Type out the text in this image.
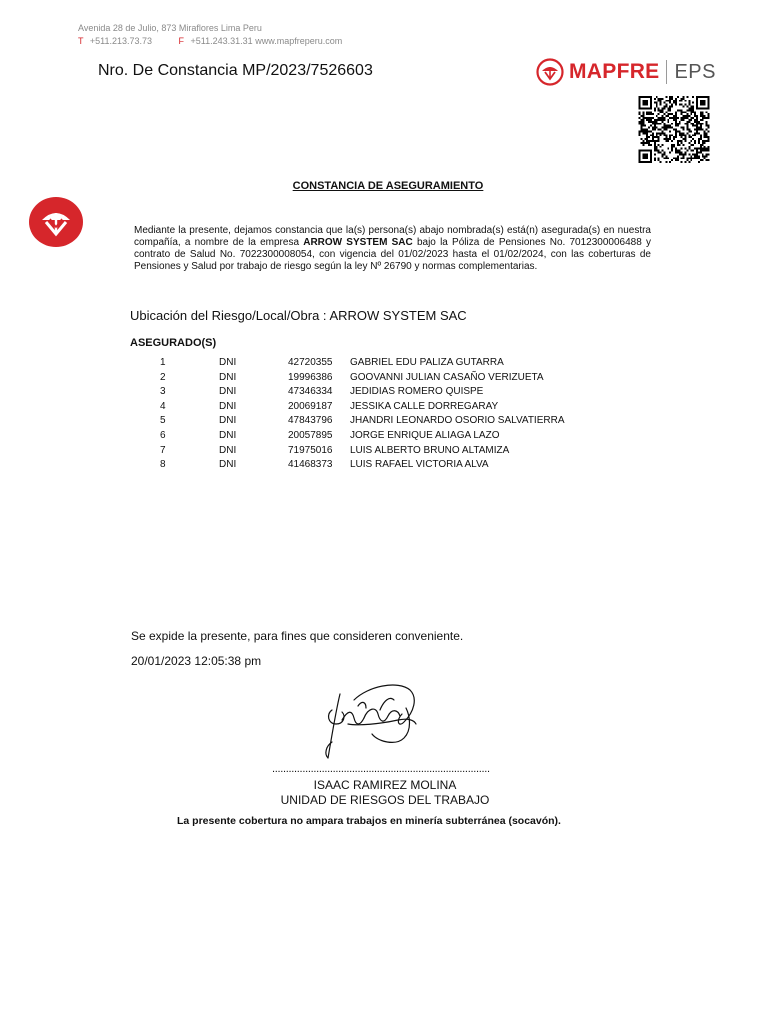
Avenida 28 de Julio, 873 Miraflores Lima Peru
T +511.213.73.73	F +511.243.31.31 www.mapfreperu.com
Nro. De Constancia MP/2023/7526603	MAPFRE EPS
CONSTANCIA DE ASEGURAMIENTO
Mediante la presente, dejamos constancia que la(s) persona(s) abajo nombrada(s) está(n) asegurada(s) en nuestra compañía, a nombre de la empresa ARROW SYSTEM SAC bajo la Póliza de Pensiones No. 7012300006488 y contrato de Salud No. 7022300008054, con vigencia del 01/02/2023 hasta el 01/02/2024, con las coberturas de Pensiones y Salud por trabajo de riesgo según la ley Nº 26790 y normas complementarias.
Ubicación del Riesgo/Local/Obra : ARROW SYSTEM SAC
ASEGURADO(S)
1	DNI	42720355 GABRIEL EDU PALIZA GUTARRA
2	DNI	19996386 GOOVANNI JULIAN CASAÑO VERIZUETA
3	DNI	47346334 JEDIDIAS ROMERO QUISPE
4	DNI	20069187 JESSIKA CALLE DORREGARAY
5	DNI	47843796 JHANDRI LEONARDO OSORIO SALVATIERRA
6	DNI	20057895 JORGE ENRIQUE ALIAGA LAZO
7	DNI	71975016 LUIS ALBERTO BRUNO ALTAMIZA
8	DNI	41468373 LUIS RAFAEL VICTORIA ALVA
Se expide la presente, para fines que consideren conveniente.
20/01/2023 12:05:38 pm
...............................................................................
ISAAC RAMIREZ MOLINA
UNIDAD DE RIESGOS DEL TRABAJO
La presente cobertura no ampara trabajos en minería subterránea (socavón).
